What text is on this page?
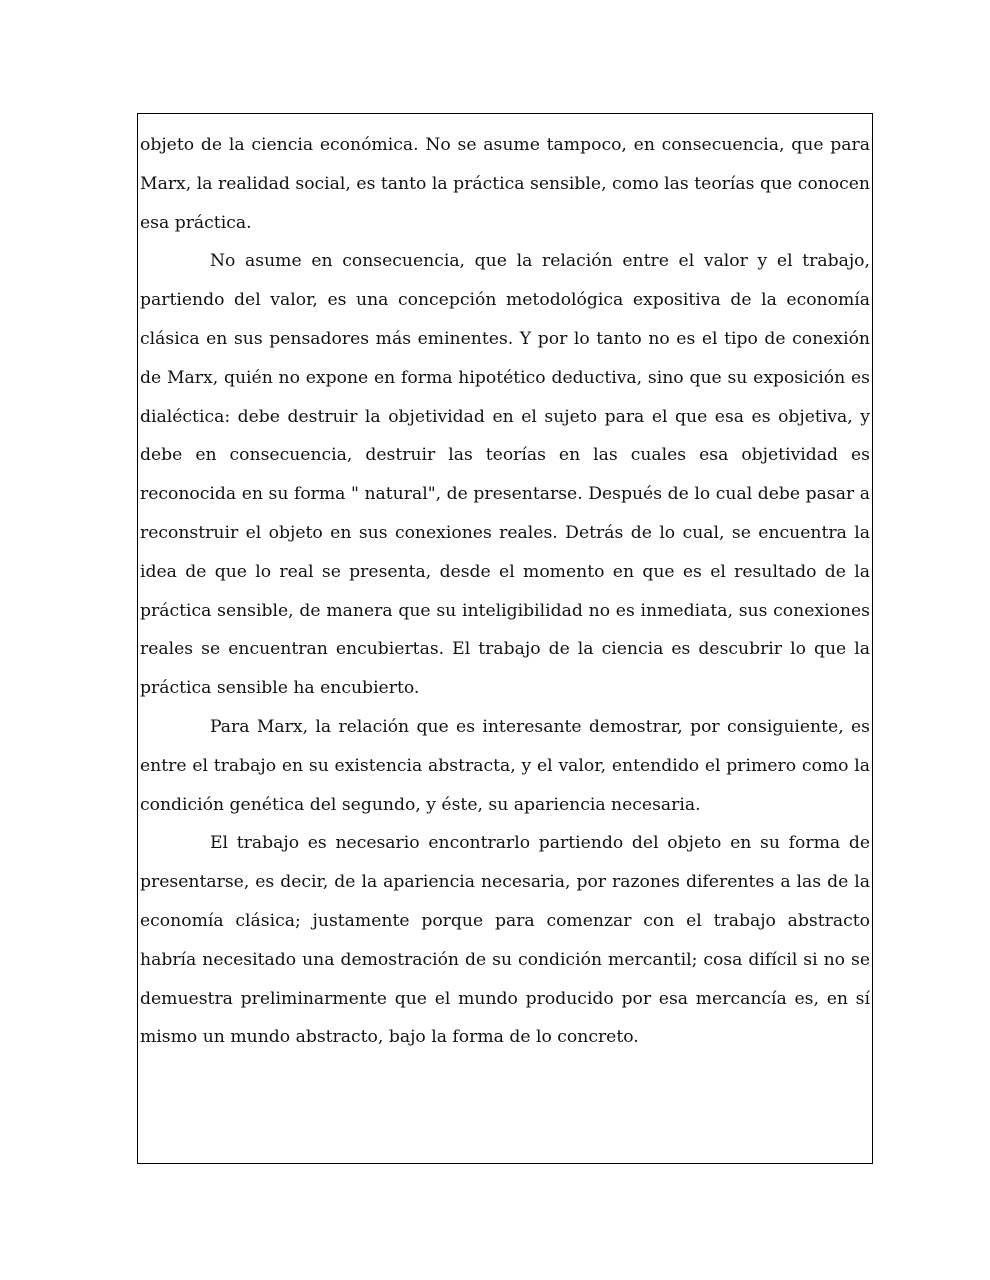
objeto de la ciencia económica. No se asume tampoco, en consecuencia, que para Marx, la realidad social, es tanto la práctica sensible, como las teorías que conocen esa práctica.

No asume en consecuencia, que la relación entre el valor y el trabajo, partiendo del valor, es una concepción metodológica expositiva de la economía clásica en sus pensadores más eminentes. Y por lo tanto no es el tipo de conexión de Marx, quién no expone en forma hipotético deductiva, sino que su exposición es dialéctica: debe destruir la objetividad en el sujeto para el que esa es objetiva, y debe en consecuencia, destruir las teorías en las cuales esa objetividad es reconocida en su forma " natural", de presentarse. Después de lo cual debe pasar a reconstruir el objeto en sus conexiones reales. Detrás de lo cual, se encuentra la idea de que lo real se presenta, desde el momento en que es el resultado de la práctica sensible, de manera que su inteligibilidad no es inmediata, sus conexiones reales se encuentran encubiertas. El trabajo de la ciencia es descubrir lo que la práctica sensible ha encubierto.

Para Marx, la relación que es interesante demostrar, por consiguiente, es entre el trabajo en su existencia abstracta, y el valor, entendido el primero como la condición genética del segundo, y éste, su apariencia necesaria.

El trabajo es necesario encontrarlo partiendo del objeto en su forma de presentarse, es decir, de la apariencia necesaria, por razones diferentes a las de la economía clásica; justamente porque para comenzar con el trabajo abstracto habría necesitado una demostración de su condición mercantil; cosa difícil si no se demuestra preliminarmente que el mundo producido por esa mercancía es, en sí mismo un mundo abstracto, bajo la forma de lo concreto.
